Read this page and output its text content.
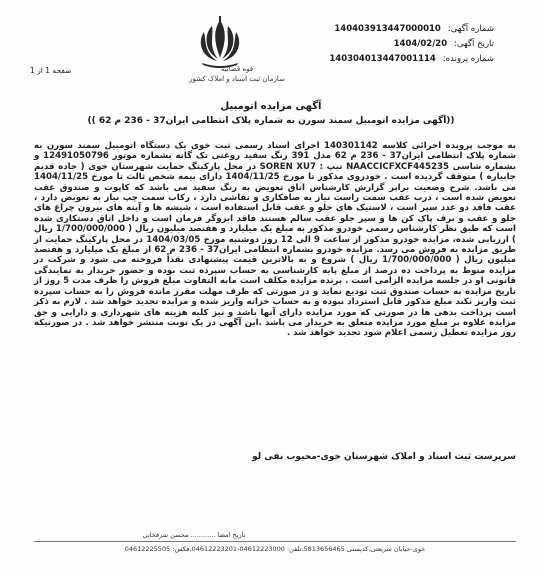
شماره آگهی: 140403913447000010
تاریخ آگهی: 1404/02/20
شماره پرونده: 140304013447001114
صفحه 1 از 1	قوه قضائیه
سازمان ثبت اسناد و املاک کشور
آگهی مزایده اتومبیل
((آگهی مزایده اتومبیل سمند سورن به شماره پلاک انتظامی ایران37 - 236 م 62 ))

به موجب پرونده اجرائی کلاسه 140301142 اجرای اسناد رسمی ثبت خوی یک دستگاه اتومبیل سمند سورن به شماره پلاک انتظامی ایران37 - 236 م 62 مدل 391 رنگ سفید روغنی تک گانه بشماره موتور 12491050796 و بشماره شاسی NAACCICFXCF445235 تیپ : SOREN XU7 در محل پارکینگ حمایت شهرستان خوی ( جاده قدیم جابیاره ) متوقف گردیده است . خودروی مذکور تا مورخ 1404/11/25 دارای بیمه شخص ثالث تا مورخ 1404/11/25 می باشد. شرح وضعیت برابر گزارش کارشناس اتاق تعویض به رنگ سفید می باشد که کاپوت و صندوق عقب تعویض شده است ، درب عقب سمت راست نیاز به صافکاری و نقاشی دارد ، رکاب سمت چپ نیاز به تعویض دارد ، عقب فاقد دو عدد سپر است ، لاستیک های جلو و عقب قابل استفاده است ، شیشه ها و آینه های بیرون چراغ های جلو و عقب و برف پاک کن ها و سپر جلو عقب سالم هستند فاقد ابزوگر فرمان است و داخل اتاق دستکاری شده است که طبق نظر کارشناس رسمی خودرو مذکور به مبلغ یک میلیارد و هفتصد میلیون ریال ( 1/700/000/000 ریال ) ارزیابی شده، مزایده خودرو مذکور از ساعت 9 الی 12 روز دوشنبه مورخ 1404/03/05 در محل پارکینگ حمایت از طریق مزایده به فروش می رسد. مزایده خودرو بشماره انتظامی ایران37 - 236 م 62 از مبلغ یک میلیارد و هفتصد میلیون ریال ( 1/700/000/000 ریال ) شروع و به بالاترین قیمت پیشنهادی نقداً فروخته می شود و شرکت در مزایده منوط به پرداخت ده درصد از مبلغ پایه کارشناسی به حساب سپرده ثبت بوده و حضور خریدار به نمایندگی قانونی او در جلسه مزایده الزامی است . برنده مزایده مکلف است مابه التفاوت مبلغ فروش را ظرف مدت 5 روز از تاریخ مزایده به حساب صندوق ثبت تودیع نماید و در صورتی که ظرف مهلت مقرر مانده فروش را به حساب سپرده ثبت واریز نکند مبلغ مذکور قابل استرداد نبوده و به حساب خزانه واریز شده و مزایده تجدید خواهد شد . لازم به ذکر است پرداخت بدهی ها در صورتی که مورد مزایده دارای آنها باشد و نیز کلیه هزینه های شهرداری و دارایی و حق مزایده علاوه بر مبلغ مورد مزایده متعلق به خریدار می باشد .این آگهی در یک نوبت منتشر خواهد شد . در صورتیکه روز مزایده تعطیل رسمی اعلام شود تجدید خواهد شد .

سرپرست ثبت اسناد و املاک شهرستان خوی-محبوب نقی لو
تاریخ امضا ............ محسن شرفخانی
خوی-خیابان شریعتی،کدپستی 5813656465،تلفن: 04612223000-04612223201،فکس: 04612225505
